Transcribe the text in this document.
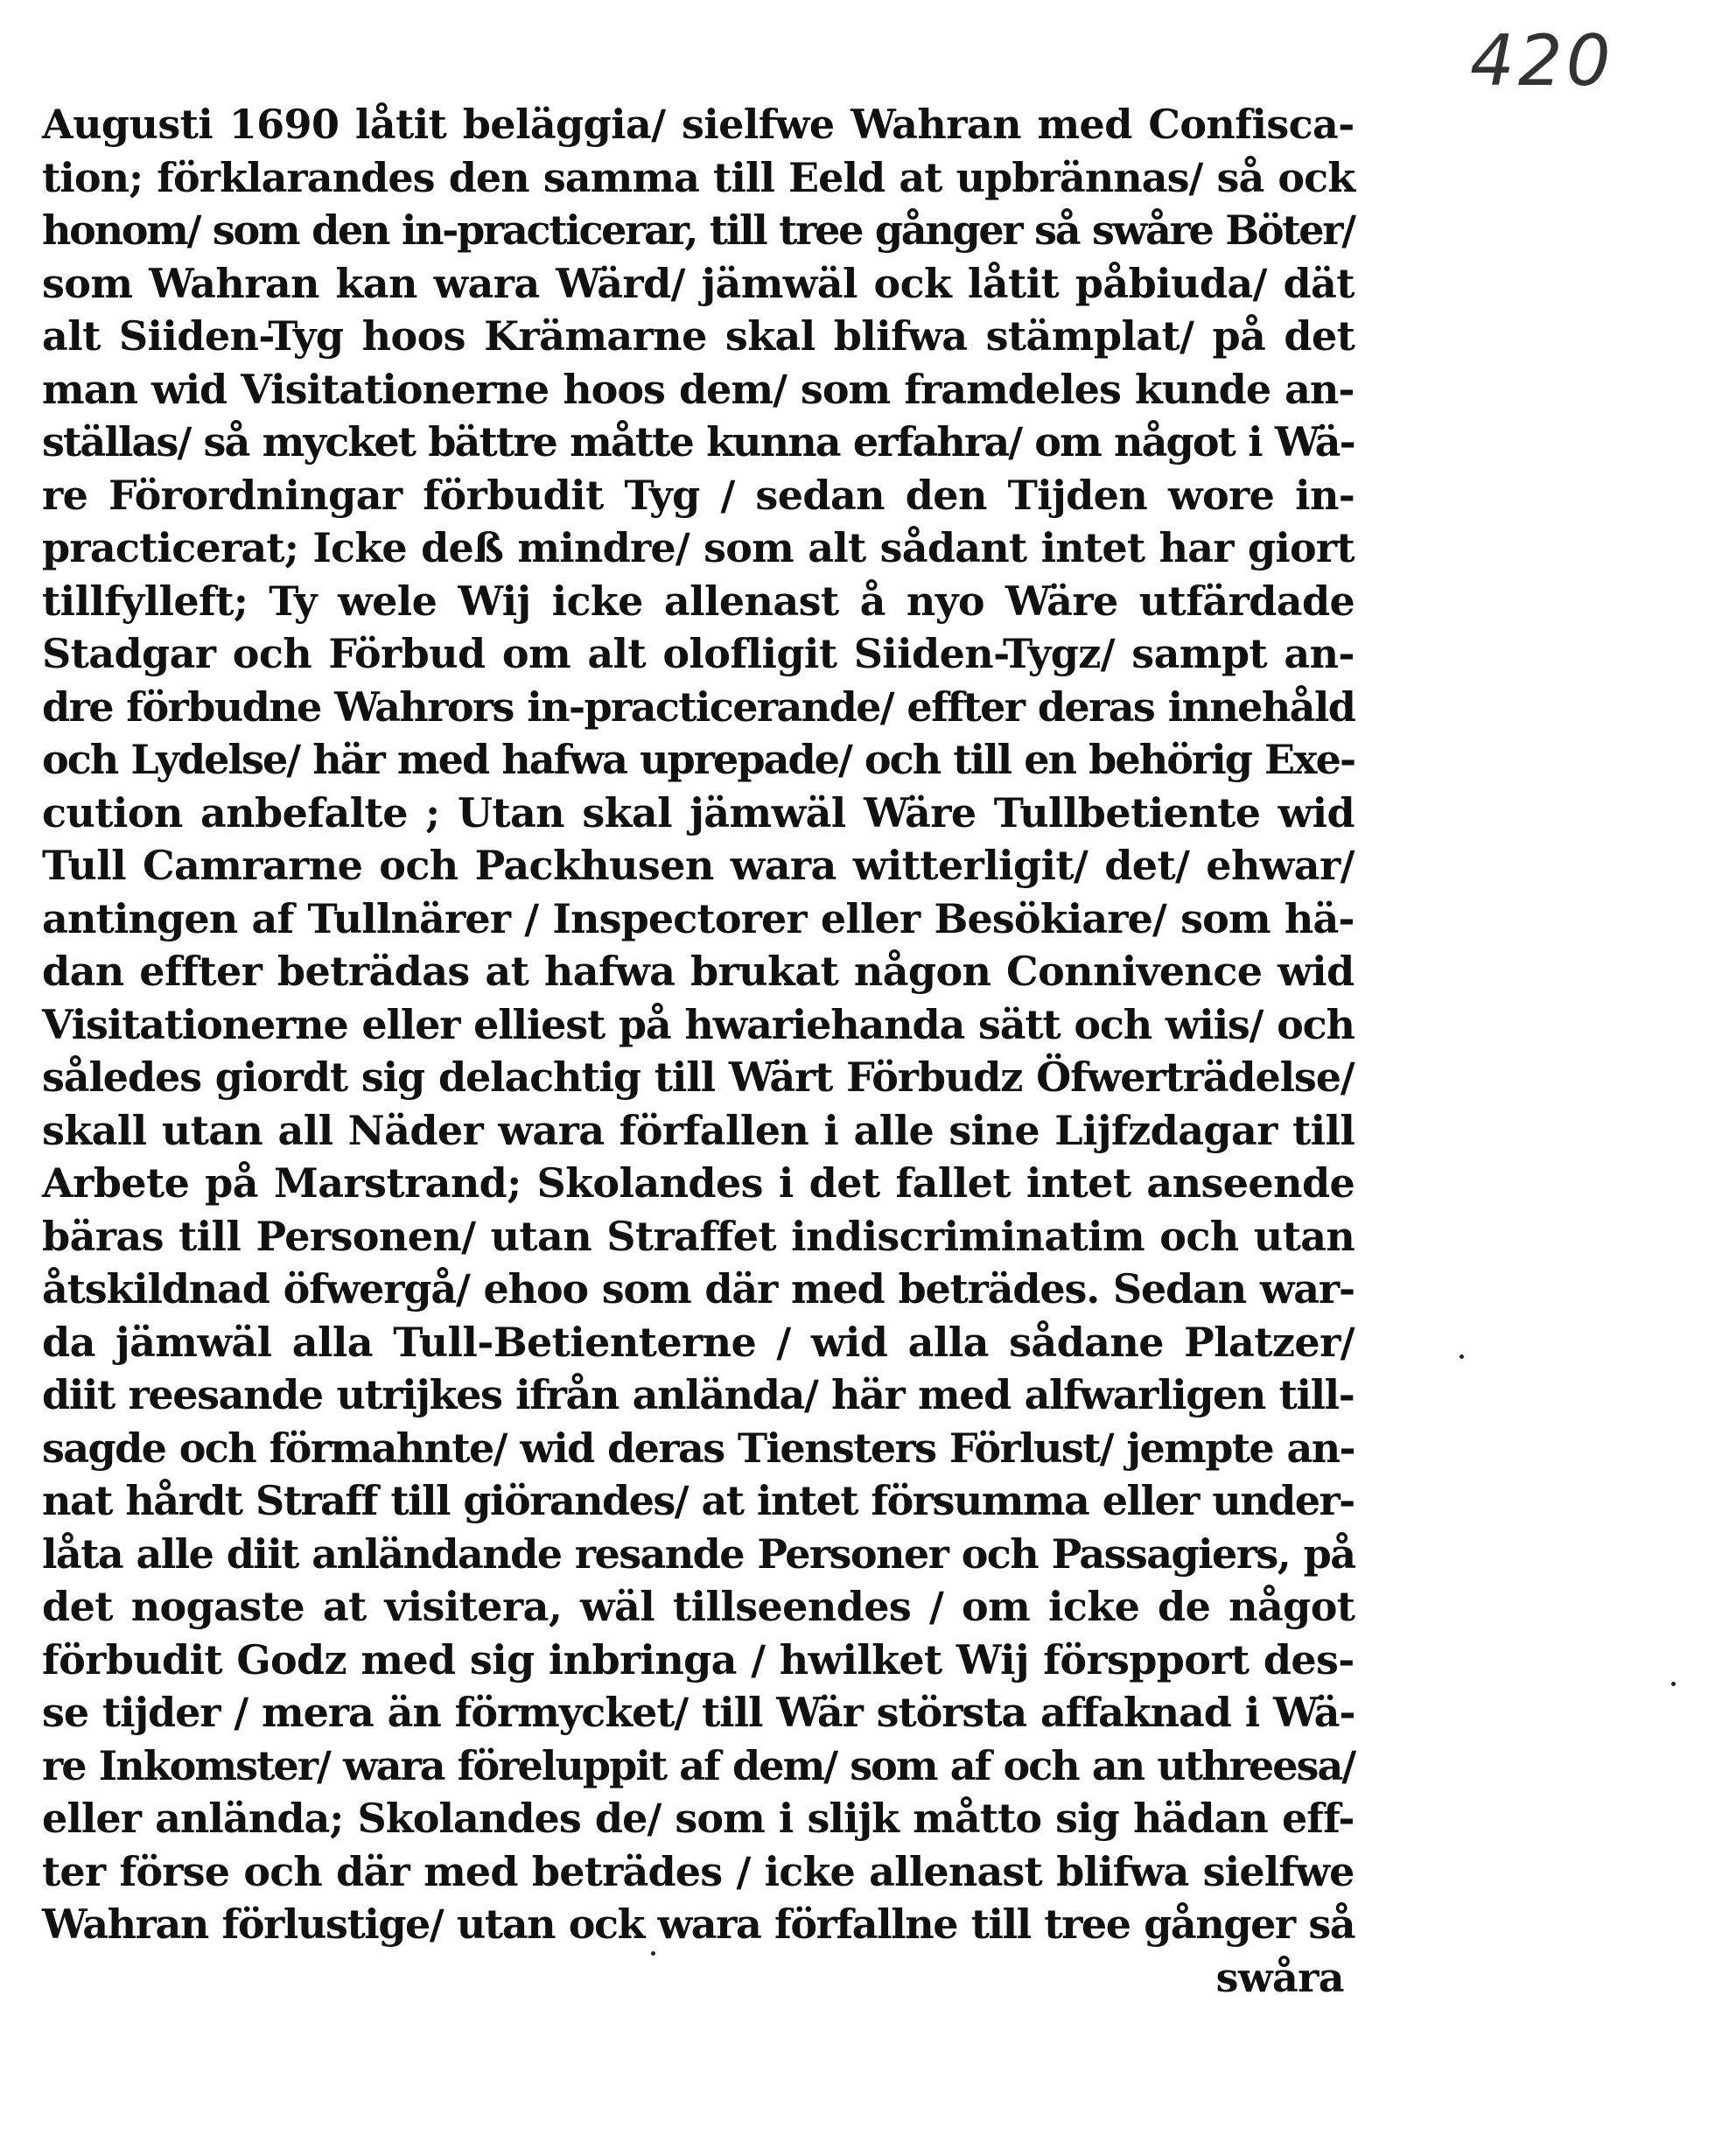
420
Augusti 1690 låtit beläggia/ sielfwe Wahran med Confisca-
tion; förklarandes den samma till Eeld at upbrännas/ så ock
honom/ som den in-practicerar, till tree gånger så swåre Böter/
som Wahran kan wara Wärd/ jämwäl ock låtit påbiuda/ dät
alt Siiden-Tyg hoos Krämarne skal blifwa stämplat/ på det
man wid Visitationerne hoos dem/ som framdeles kunde an-
ställas/ så mycket bättre måtte kunna erfahra/ om något i Wä-
re Förordningar förbudit Tyg / sedan den Tijden wore in-
practicerat; Icke deß mindre/ som alt sådant intet har giort
tillfylleft; Ty wele Wij icke allenast å nyo Wäre utfärdade
Stadgar och Förbud om alt olofligit Siiden-Tygz/ sampt an-
dre förbudne Wahrors in-practicerande/ effter deras innehåld
och Lydelse/ här med hafwa uprepade/ och till en behörig Exe-
cution anbefalte ; Utan skal jämwäl Wäre Tullbetiente wid
Tull Camrarne och Packhusen wara witterligit/ det/ ehwar/
antingen af Tullnärer / Inspectorer eller Besökiare/ som hä-
dan effter beträdas at hafwa brukat någon Connivence wid
Visitationerne eller elliest på hwariehanda sätt och wiis/ och
således giordt sig delachtig till Wärt Förbudz Öfwerträdelse/
skall utan all Näder wara förfallen i alle sine Lijfzdagar till
Arbete på Marstrand; Skolandes i det fallet intet anseende
bäras till Personen/ utan Straffet indiscriminatim och utan
åtskildnad öfwergå/ ehoo som där med beträdes. Sedan war-
da jämwäl alla Tull-Betienterne / wid alla sådane Platzer/
diit reesande utrijkes ifrån anlända/ här med alfwarligen till-
sagde och förmahnte/ wid deras Tiensters Förlust/ jempte an-
nat hårdt Straff till giörandes/ at intet försumma eller under-
låta alle diit anländande resande Personer och Passagiers, på
det nogaste at visitera, wäl tillseendes / om icke de något
förbudit Godz med sig inbringa / hwilket Wij förspport des-
se tijder / mera än förmycket/ till Wär största affaknad i Wä-
re Inkomster/ wara föreluppit af dem/ som af och an uthreesa/
eller anlända; Skolandes de/ som i slijk måtto sig hädan eff-
ter förse och där med beträdes / icke allenast blifwa sielfwe
Wahran förlustige/ utan ock wara förfallne till tree gånger så
swåra
